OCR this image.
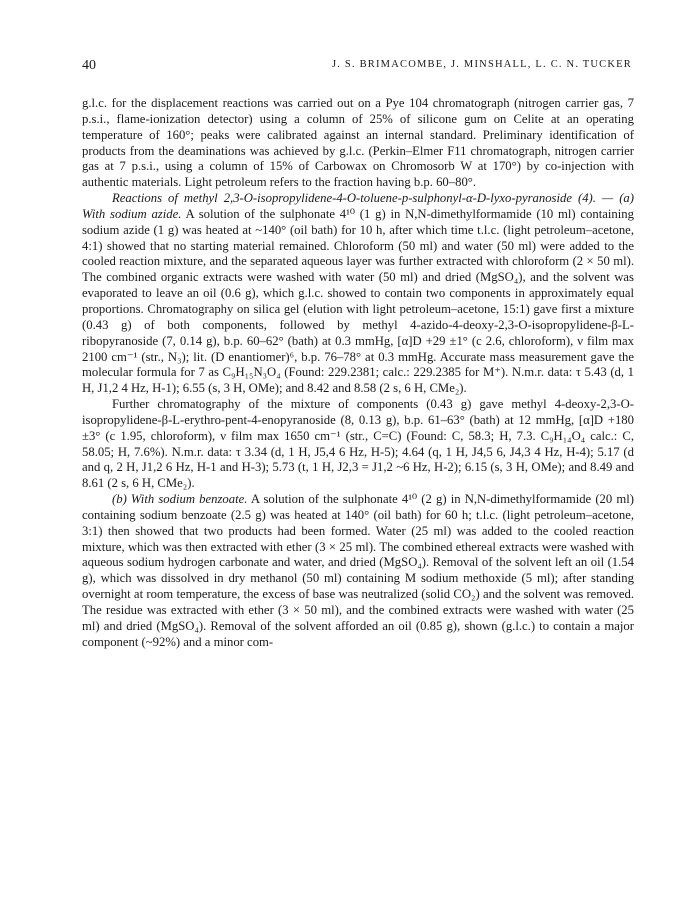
40	J. S. BRIMACOMBE, J. MINSHALL, L. C. N. TUCKER

g.l.c. for the displacement reactions was carried out on a Pye 104 chromatograph (nitrogen carrier gas, 7 p.s.i., flame-ionization detector) using a column of 25% of silicone gum on Celite at an operating temperature of 160°; peaks were calibrated against an internal standard. Preliminary identification of products from the deaminations was achieved by g.l.c. (Perkin–Elmer F11 chromatograph, nitrogen carrier gas at 7 p.s.i., using a column of 15% of Carbowax on Chromosorb W at 170°) by co-injection with authentic materials. Light petroleum refers to the fraction having b.p. 60–80°.

Reactions of methyl 2,3-O-isopropylidene-4-O-toluene-p-sulphonyl-α-D-lyxo-pyranoside (4). — (a) With sodium azide. A solution of the sulphonate 4¹⁰ (1 g) in N,N-dimethylformamide (10 ml) containing sodium azide (1 g) was heated at ~140° (oil bath) for 10 h, after which time t.l.c. (light petroleum–acetone, 4:1) showed that no starting material remained. Chloroform (50 ml) and water (50 ml) were added to the cooled reaction mixture, and the separated aqueous layer was further extracted with chloroform (2 × 50 ml). The combined organic extracts were washed with water (50 ml) and dried (MgSO₄), and the solvent was evaporated to leave an oil (0.6 g), which g.l.c. showed to contain two components in approximately equal proportions. Chromatography on silica gel (elution with light petroleum–acetone, 15:1) gave first a mixture (0.43 g) of both components, followed by methyl 4-azido-4-deoxy-2,3-O-isopropylidene-β-L-ribopyranoside (7, 0.14 g), b.p. 60–62° (bath) at 0.3 mmHg, [α]D +29 ±1° (c 2.6, chloroform), ν film max 2100 cm⁻¹ (str., N₃); lit. (D enantiomer)⁶, b.p. 76–78° at 0.3 mmHg. Accurate mass measurement gave the molecular formula for 7 as C₉H₁₅N₃O₄ (Found: 229.2381; calc.: 229.2385 for M⁺). N.m.r. data: τ 5.43 (d, 1 H, J1,2 4 Hz, H-1); 6.55 (s, 3 H, OMe); and 8.42 and 8.58 (2 s, 6 H, CMe₂).

Further chromatography of the mixture of components (0.43 g) gave methyl 4-deoxy-2,3-O-isopropylidene-β-L-erythro-pent-4-enopyranoside (8, 0.13 g), b.p. 61–63° (bath) at 12 mmHg, [α]D +180 ±3° (c 1.95, chloroform), ν film max 1650 cm⁻¹ (str., C=C) (Found: C, 58.3; H, 7.3. C₉H₁₄O₄ calc.: C, 58.05; H, 7.6%). N.m.r. data: τ 3.34 (d, 1 H, J5,4 6 Hz, H-5); 4.64 (q, 1 H, J4,5 6, J4,3 4 Hz, H-4); 5.17 (d and q, 2 H, J1,2 6 Hz, H-1 and H-3); 5.73 (t, 1 H, J2,3 = J1,2 ~6 Hz, H-2); 6.15 (s, 3 H, OMe); and 8.49 and 8.61 (2 s, 6 H, CMe₂).

(b) With sodium benzoate. A solution of the sulphonate 4¹⁰ (2 g) in N,N-dimethylformamide (20 ml) containing sodium benzoate (2.5 g) was heated at 140° (oil bath) for 60 h; t.l.c. (light petroleum–acetone, 3:1) then showed that two products had been formed. Water (25 ml) was added to the cooled reaction mixture, which was then extracted with ether (3 × 25 ml). The combined ethereal extracts were washed with aqueous sodium hydrogen carbonate and water, and dried (MgSO₄). Removal of the solvent left an oil (1.54 g), which was dissolved in dry methanol (50 ml) containing M sodium methoxide (5 ml); after standing overnight at room temperature, the excess of base was neutralized (solid CO₂) and the solvent was removed. The residue was extracted with ether (3 × 50 ml), and the combined extracts were washed with water (25 ml) and dried (MgSO₄). Removal of the solvent afforded an oil (0.85 g), shown (g.l.c.) to contain a major component (~92%) and a minor com-
